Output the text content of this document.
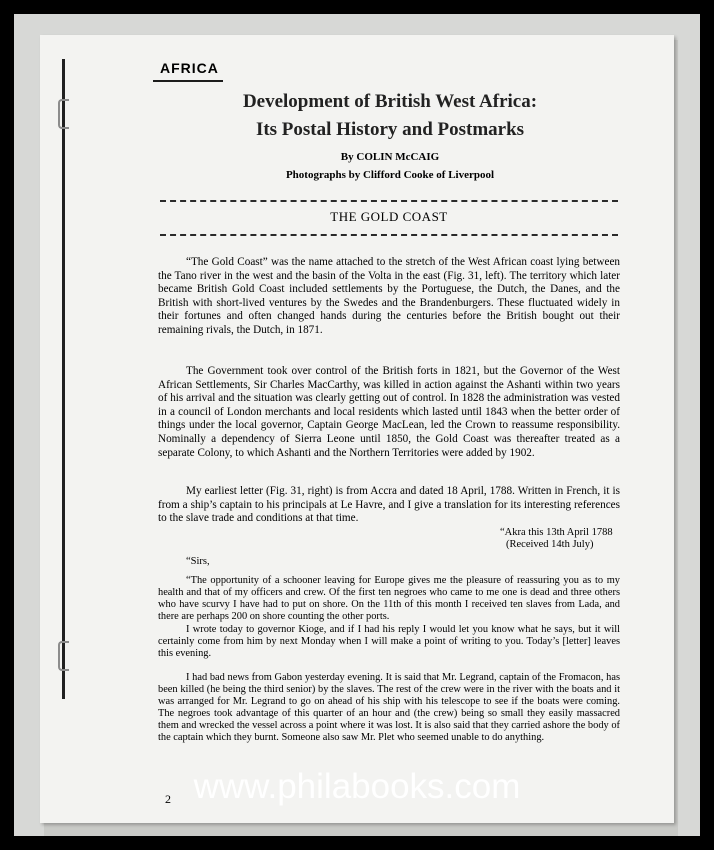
AFRICA
Development of British West Africa:
Its Postal History and Postmarks
By COLIN McCAIG
Photographs by Clifford Cooke of Liverpool
THE GOLD COAST

“The Gold Coast” was the name attached to the stretch of the West African coast lying between the Tano river in the west and the basin of the Volta in the east (Fig. 31, left). The territory which later became British Gold Coast included settlements by the Portuguese, the Dutch, the Danes, and the British with short-lived ventures by the Swedes and the Brandenburgers. These fluctuated widely in their fortunes and often changed hands during the centuries before the British bought out their remaining rivals, the Dutch, in 1871.

The Government took over control of the British forts in 1821, but the Governor of the West African Settlements, Sir Charles MacCarthy, was killed in action against the Ashanti within two years of his arrival and the situation was clearly getting out of control. In 1828 the administration was vested in a council of London merchants and local residents which lasted until 1843 when the better order of things under the local governor, Captain George MacLean, led the Crown to reassume responsibility. Nominally a dependency of Sierra Leone until 1850, the Gold Coast was thereafter treated as a separate Colony, to which Ashanti and the Northern Territories were added by 1902.

My earliest letter (Fig. 31, right) is from Accra and dated 18 April, 1788. Written in French, it is from a ship’s captain to his principals at Le Havre, and I give a translation for its interesting references to the slave trade and conditions at that time.

“Akra this 13th April 1788
(Received 14th July)
“Sirs,

“The opportunity of a schooner leaving for Europe gives me the pleasure of reassuring you as to my health and that of my officers and crew. Of the first ten negroes who came to me one is dead and three others who have scurvy I have had to put on shore. On the 11th of this month I received ten slaves from Lada, and there are perhaps 200 on shore counting the other ports.

I wrote today to governor Kioge, and if I had his reply I would let you know what he says, but it will certainly come from him by next Monday when I will make a point of writing to you. Today’s [letter] leaves this evening.

I had bad news from Gabon yesterday evening. It is said that Mr. Legrand, captain of the Fromacon, has been killed (he being the third senior) by the slaves. The rest of the crew were in the river with the boats and it was arranged for Mr. Legrand to go on ahead of his ship with his telescope to see if the boats were coming. The negroes took advantage of this quarter of an hour and (the crew) being so small they easily massacred them and wrecked the vessel across a point where it was lost. It is also said that they carried ashore the body of the captain which they burnt. Someone also saw Mr. Plet who seemed unable to do anything.

2 www.philabooks.com
